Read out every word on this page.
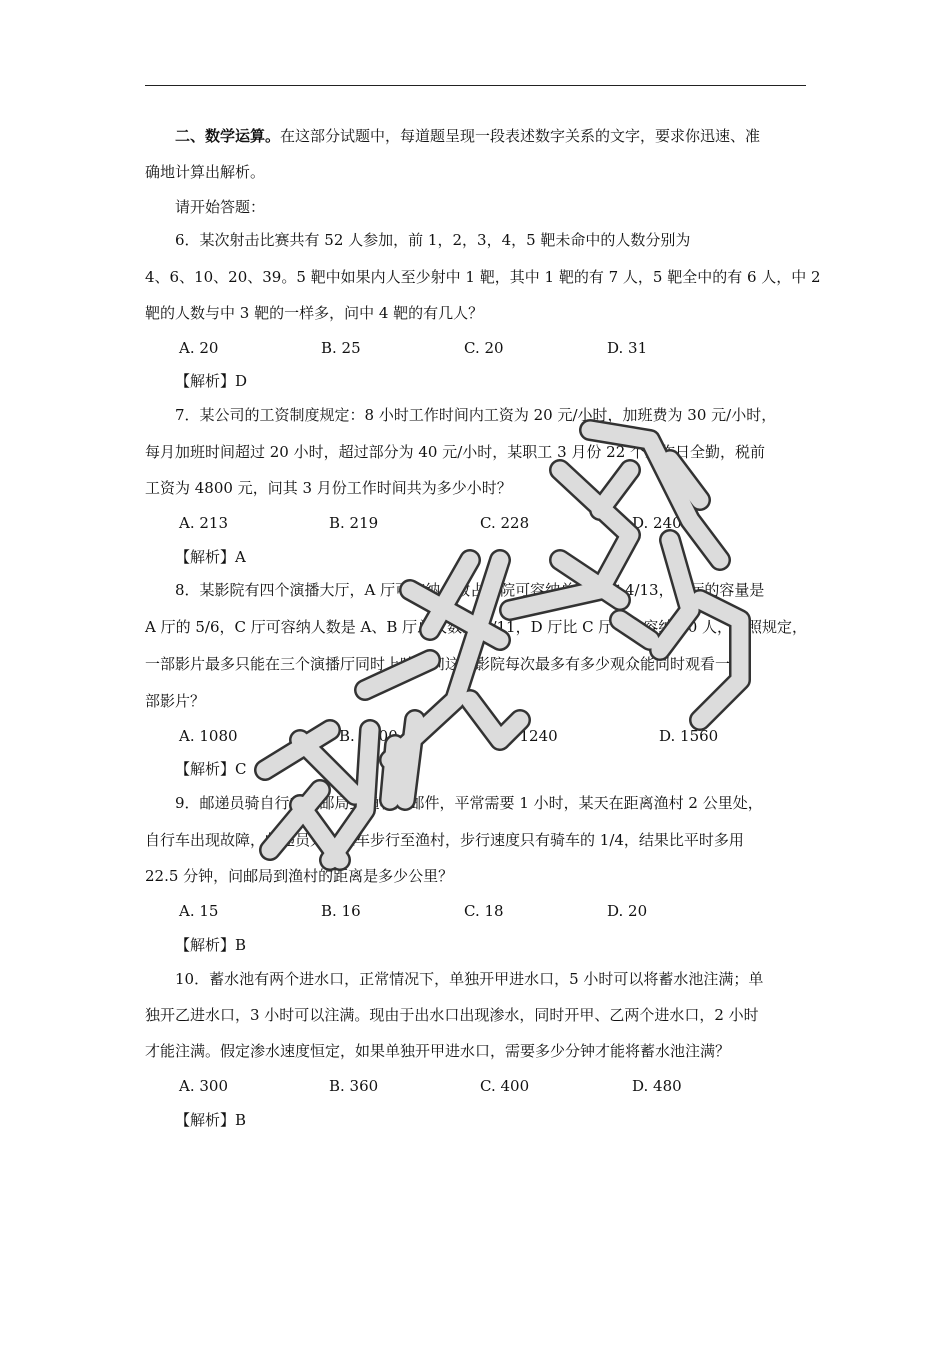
二、数学运算。在这部分试题中，每道题呈现一段表述数字关系的文字，要求你迅速、准
确地计算出解析。
请开始答题：
6．某次射击比赛共有 52 人参加，前 1，2，3，4，5 靶未命中的人数分别为
4、6、10、20、39。5 靶中如果内人至少射中 1 靶，其中 1 靶的有 7 人，5 靶全中的有 6 人，中 2
靶的人数与中 3 靶的一样多，问中 4 靶的有几人？
A. 20	B. 25	C. 20	D. 31
【解析】D
7．某公司的工资制度规定：8 小时工作时间内工资为 20 元/小时，加班费为 30 元/小时，
每月加班时间超过 20 小时，超过部分为 40 元/小时，某职工 3 月份 22 个工作日全勤，税前
工资为 4800 元，问其 3 月份工作时间共为多少小时？
A. 213	B. 219	C. 228	D. 240
【解析】A
8．某影院有四个演播大厅，A 厅可容纳人数占影院可容纳总人数的 4/13，B 厅的容量是
A 厅的 5/6，C 厅可容纳人数是 A、B 厅总人数的 4/11，D 厅比 C 厅可多容纳 40 人，按照规定，
一部影片最多只能在三个演播厅同时上映，问这个影院每次最多有多少观众能同时观看一
部影片？
A. 1080	B. 1200	C. 1240	D. 1560
【解析】C
9．邮递员骑自行车从邮局到渔村送邮件，平常需要 1 小时，某天在距离渔村 2 公里处，
自行车出现故障，邮递员只好推车步行至渔村，步行速度只有骑车的 1/4，结果比平时多用
22.5 分钟，问邮局到渔村的距离是多少公里？
A. 15	B. 16	C. 18	D. 20
【解析】B
10．蓄水池有两个进水口，正常情况下，单独开甲进水口，5 小时可以将蓄水池注满；单
独开乙进水口，3 小时可以注满。现由于出水口出现渗水，同时开甲、乙两个进水口，2 小时
才能注满。假定渗水速度恒定，如果单独开甲进水口，需要多少分钟才能将蓄水池注满？
A. 300	B. 360	C. 400	D. 480
【解析】B
